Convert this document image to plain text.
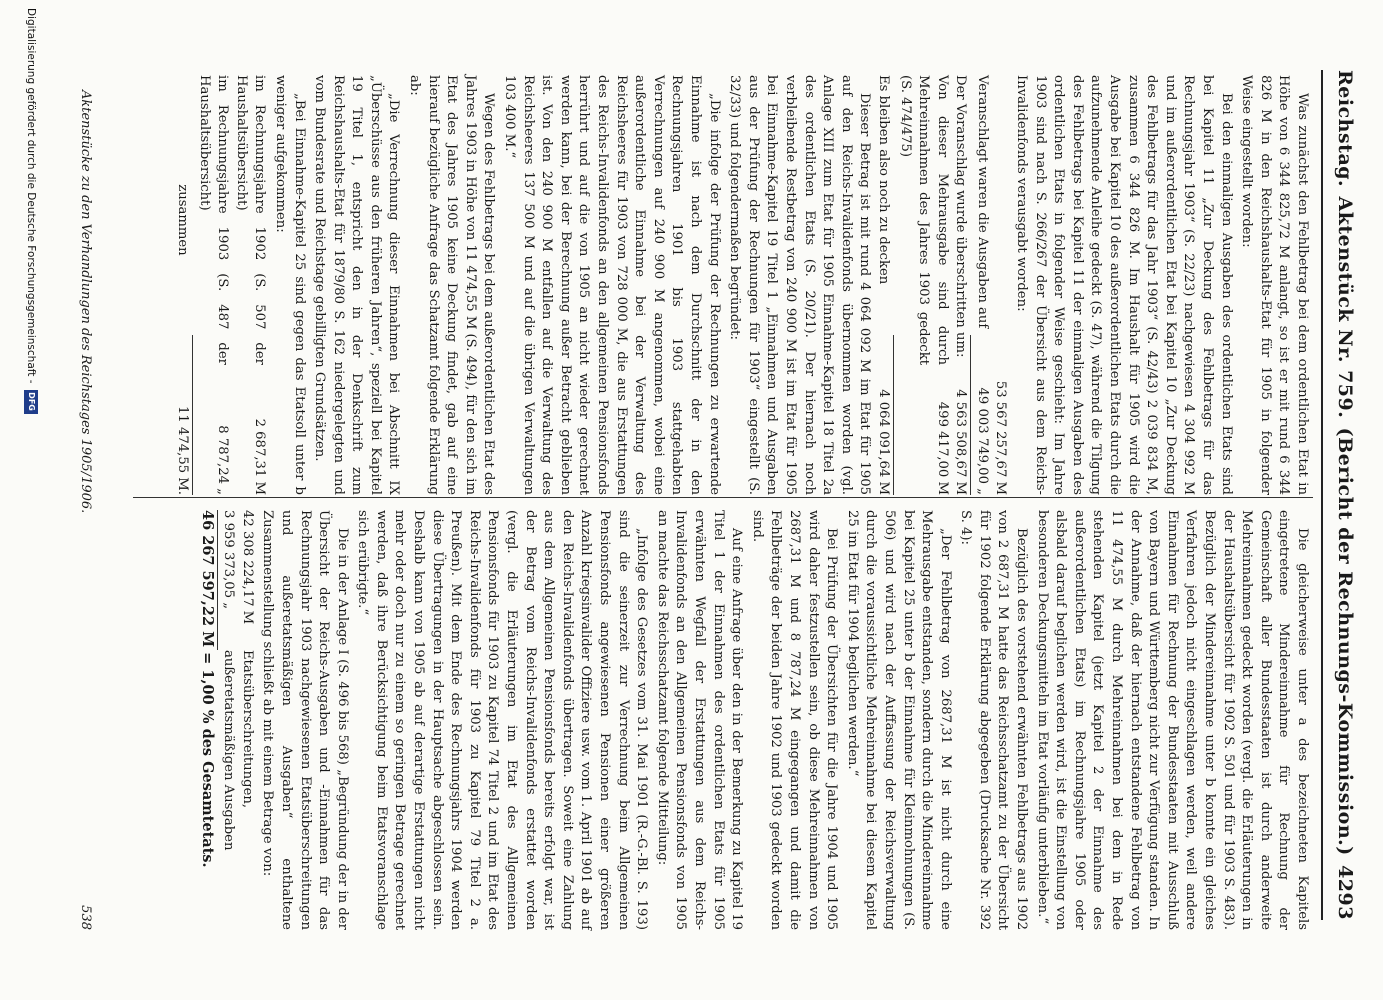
Reichstag.
Aktenstück Nr. 759.
(Bericht der Rechnungs-Kommission.)
4293

Was zunächst den Fehlbetrag bei dem ordentlichen Etat in Höhe von 6 344 825,72 M anlangt, so ist er mit rund 6 344 826 M in den Reichshaushalts-Etat für 1905 in folgender Weise eingestellt worden:

Bei den einmaligen Ausgaben des ordentlichen Etats sind bei Kapitel 11 „Zur Deckung des Fehlbetrags für das Rechnungsjahr 1903“ (S. 22/23) nachgewiesen 4 304 992 M und im außerordentlichen Etat bei Kapitel 10 „Zur Deckung des Fehlbetrags für das Jahr 1903“ (S. 42/43) 2 039 834 M, zusammen 6 344 826 M. Im Haushalt für 1905 wird die Ausgabe bei Kapitel 10 des außerordentlichen Etats durch die aufzunehmende Anleihe gedeckt (S. 47), während die Tilgung des Fehlbetrags bei Kapitel 11 der einmaligen Ausgaben des ordentlichen Etats in folgender Weise geschieht: Im Jahre 1903 sind nach S. 266/267 der Übersicht aus dem Reichs-Invalidenfonds verausgabt worden:

53 567 257,67 M
Veranschlagt waren die Ausgaben auf
49 003 749,00 „
Der Voranschlag wurde überschritten um:
4 563 508,67 M
Von dieser Mehrausgabe sind durch Mehreinnahmen des Jahres 1903 gedeckt (S. 474/475)
499 417,00 M
Es bleiben also noch zu decken
4 064 091,64 M

Dieser Betrag ist mit rund 4 064 092 M im Etat für 1905 auf den Reichs-Invalidenfonds übernommen worden (vgl. Anlage XIII zum Etat für 1905 Einnahme-Kapitel 18 Titel 2a des ordentlichen Etats (S. 20/21). Der hiernach noch verbleibende Restbetrag von 240 900 M ist im Etat für 1905 bei Einnahme-Kapitel 19 Titel 1 „Einnahmen und Ausgaben aus der Prüfung der Rechnungen für 1903“ eingestellt (S. 32/33) und folgendermaßen begründet:

„Die infolge der Prüfung der Rechnungen zu erwartende Einnahme ist nach dem Durchschnitt der in den Rechnungsjahren 1901 bis 1903 stattgehabten Verrechnungen auf 240 900 M angenommen, wobei eine außerordentliche Einnahme bei der Verwaltung des Reichsheeres für 1903 von 728 000 M, die aus Erstattungen des Reichs-Invalidenfonds an den allgemeinen Pensionsfonds herrührt und auf die von 1905 an nicht wieder gerechnet werden kann, bei der Berechnung außer Betracht geblieben ist. Von den 240 900 M entfallen auf die Verwaltung des Reichsheeres 137 500 M und auf die übrigen Verwaltungen 103 400 M.“

Wegen des Fehlbetrags bei dem außerordentlichen Etat des Jahres 1903 in Höhe von 11 474,55 M (S. 494), für den sich im Etat des Jahres 1905 keine Deckung findet, gab auf eine hierauf bezügliche Anfrage das Schatzamt folgende Erklärung ab:

„Die Verrechnung dieser Einnahmen bei Abschnitt IX „Überschüsse aus den früheren Jahren“, speziell bei Kapitel 19 Titel 1, entspricht den in der Denkschrift zum Reichshaushalts-Etat für 1879/80 S. 162 niedergelegten und vom Bundesrate und Reichstage gebilligten Grundsätzen.

„Bei Einnahme-Kapitel 25 sind gegen das Etatsoll unter b weniger aufgekommen:

im Rechnungsjahre 1902 (S. 507 der Haushaltsübersicht)
2 687,31 M
im Rechnungsjahre 1903 (S. 487 der Haushaltsübersicht)
8 787,24 „
zusammen
11 474,55 M.

Die gleicherweise unter a des bezeichneten Kapitels eingetretene Mindereinnahme für Rechnung der Gemeinschaft aller Bundesstaaten ist durch anderweite Mehreinnahmen gedeckt worden (vergl. die Erläuterungen in der Haushaltsübersicht für 1902 S. 501 und für 1903 S. 483). Bezüglich der Mindereinnahme unter b konnte ein gleiches Verfahren jedoch nicht eingeschlagen werden, weil andere Einnahmen für Rechnung der Bundesstaaten mit Ausschluß von Bayern und Württemberg nicht zur Verfügung standen. In der Annahme, daß der hiernach entstandene Fehlbetrag von 11 474,55 M durch Mehreinnahmen bei dem in Rede stehenden Kapitel (jetzt Kapitel 2 der Einnahme des außerordentlichen Etats) im Rechnungsjahre 1905 oder alsbald darauf beglichen werden wird, ist die Einstellung von besonderen Deckungsmitteln im Etat vorläufig unterblieben.“

Bezüglich des vorstehend erwähnten Fehlbetrags aus 1902 von 2 687,31 M hatte das Reichsschatzamt zu der Übersicht für 1902 folgende Erklärung abgegeben (Drucksache Nr. 392 S. 4):

„Der Fehlbetrag von 2687,31 M ist nicht durch eine Mehrausgabe entstanden, sondern durch die Mindereinnahme bei Kapitel 25 unter b der Einnahme für Kleinmohnungen (S. 506) und wird nach der Auffassung der Reichsverwaltung durch die voraussichtliche Mehreinnahme bei diesem Kapitel 25 im Etat für 1904 beglichen werden.“

Bei Prüfung der Übersichten für die Jahre 1904 und 1905 wird daher festzustellen sein, ob diese Mehreinnahmen von 2687,31 M und 8 787,24 M eingegangen und damit die Fehlbeträge der beiden Jahre 1902 und 1903 gedeckt worden sind.

Auf eine Anfrage über den in der Bemerkung zu Kapitel 19 Titel 1 der Einnahmen des ordentlichen Etats für 1905 erwähnten Wegfall der Erstattungen aus dem Reichs-Invalidenfonds an den Allgemeinen Pensionsfonds von 1905 an machte das Reichsschatzamt folgende Mitteilung:

„Infolge des Gesetzes vom 31. Mai 1901 (R.-G.-Bl. S. 193) sind die seinerzeit zur Verrechnung beim Allgemeinen Pensionsfonds angewiesenen Pensionen einer größeren Anzahl kriegsinvalider Offiziere usw. vom 1. April 1901 ab auf den Reichs-Invalidenfonds übertragen. Soweit eine Zahlung aus dem Allgemeinen Pensionsfonds bereits erfolgt war, ist der Betrag vom Reichs-Invalidenfonds erstattet worden (vergl. die Erläuterungen im Etat des Allgemeinen Pensionsfonds für 1903 zu Kapitel 74 Titel 2 und im Etat des Reichs-Invalidenfonds für 1903 zu Kapitel 79 Titel 2 a. Preußen). Mit dem Ende des Rechnungsjahrs 1904 werden diese Übertragungen in der Hauptsache abgeschlossen sein. Deshalb kann von 1905 ab auf derartige Erstattungen nicht mehr oder doch nur zu einem so geringen Betrage gerechnet werden, daß ihre Berücksichtigung beim Etatsvoranschlage sich erübrigte.“

Die in der Anlage I (S. 496 bis 568) „Begründung der in der Übersicht der Reichs-Ausgaben und -Einnahmen für das Rechnungsjahr 1903 nachgewiesenen Etatsüberschreitungen und außeretatsmäßigen Ausgaben“ enthaltene Zusammenstellung schließt ab mit einem Betrage von:

42 308 224,17 M
Etatsüberschreitungen,
3 959 373,05 „
außeretatsmäßigen Ausgaben
46 267 597,22 M = 1,00 % des Gesamtetats.
Aktenstücke zu den Verhandlungen des Reichstages 1905/1906.
538
Digitalisierung gefördert durch die Deutsche Forschungsgemeinschaft -
DFG
